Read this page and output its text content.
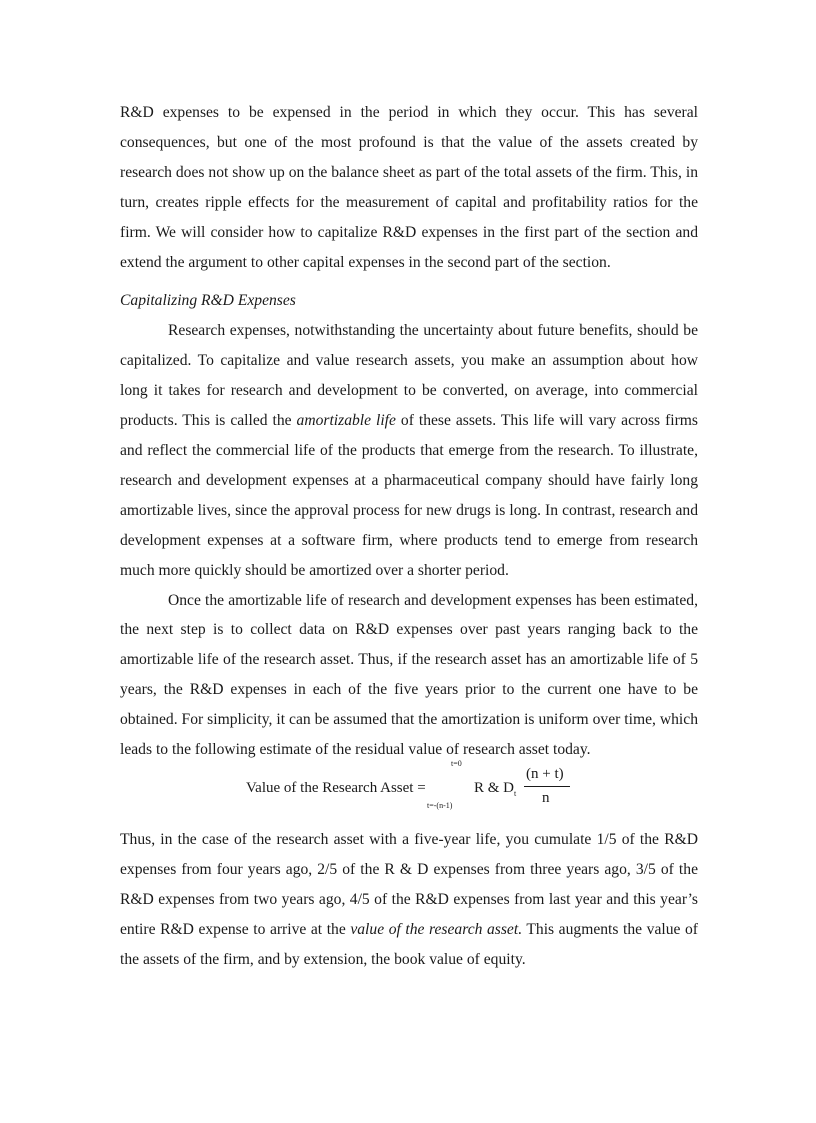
R&D expenses to be expensed in the period in which they occur. This has several consequences, but one of the most profound is that the value of the assets created by research does not show up on the balance sheet as part of the total assets of the firm. This, in turn, creates ripple effects for the measurement of capital and profitability ratios for the firm. We will consider how to capitalize R&D expenses in the first part of the section and extend the argument to other capital expenses in the second part of the section.

Capitalizing R&D Expenses

Research expenses, notwithstanding the uncertainty about future benefits, should be capitalized. To capitalize and value research assets, you make an assumption about how long it takes for research and development to be converted, on average, into commercial products. This is called the amortizable life of these assets. This life will vary across firms and reflect the commercial life of the products that emerge from the research. To illustrate, research and development expenses at a pharmaceutical company should have fairly long amortizable lives, since the approval process for new drugs is long. In contrast, research and development expenses at a software firm, where products tend to emerge from research much more quickly should be amortized over a shorter period.

Once the amortizable life of research and development expenses has been estimated, the next step is to collect data on R&D expenses over past years ranging back to the amortizable life of the research asset. Thus, if the research asset has an amortizable life of 5 years, the R&D expenses in each of the five years prior to the current one have to be obtained. For simplicity, it can be assumed that the amortization is uniform over time, which leads to the following estimate of the residual value of research asset today.

Value of the Research Asset =
t=0
t=-(n-1)
R & $D_t$
(n + t)
n

Thus, in the case of the research asset with a five-year life, you cumulate 1/5 of the R&D expenses from four years ago, 2/5 of the R & D expenses from three years ago, 3/5 of the R&D expenses from two years ago, 4/5 of the R&D expenses from last year and this year’s entire R&D expense to arrive at the value of the research asset. This augments the value of the assets of the firm, and by extension, the book value of equity.
